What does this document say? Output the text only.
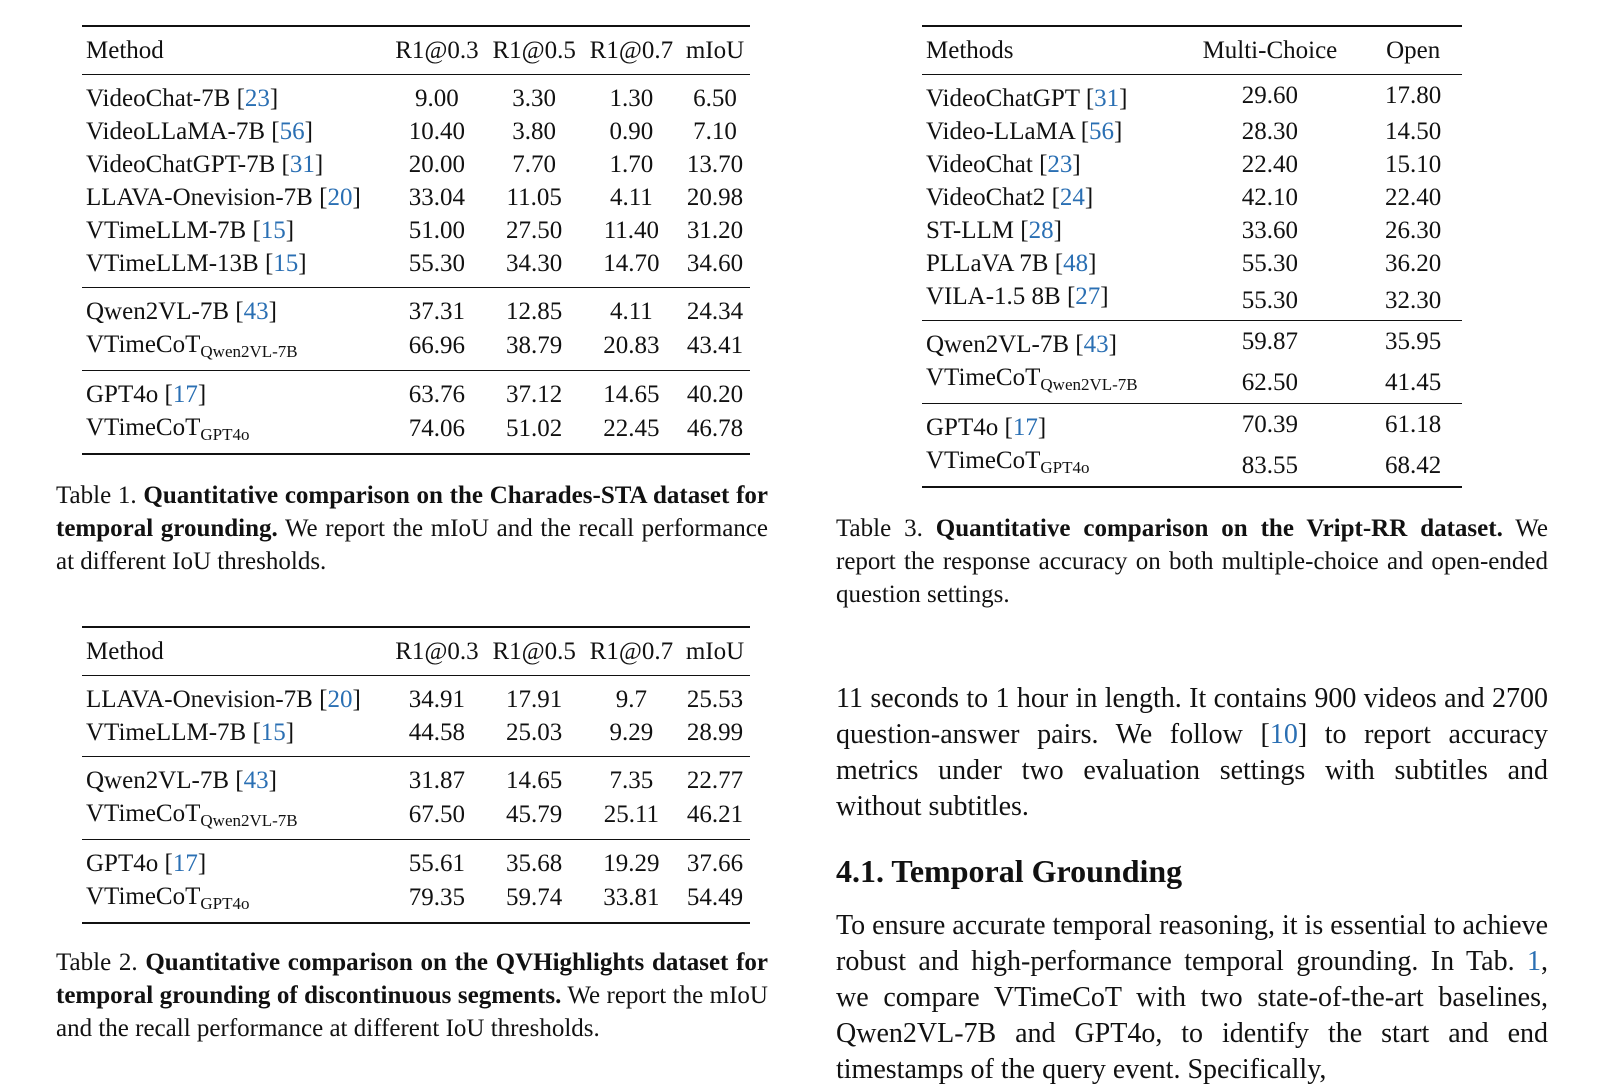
Method	R1@0.3	R1@0.5	R1@0.7	mIoU
VideoChat-7B [23]	9.00	3.30	1.30	6.50
VideoLLaMA-7B [56]	10.40	3.80	0.90	7.10
VideoChatGPT-7B [31]	20.00	7.70	1.70	13.70
LLAVA-Onevision-7B [20]	33.04	11.05	4.11	20.98
VTimeLLM-7B [15]	51.00	27.50	11.40	31.20
VTimeLLM-13B [15]	55.30	34.30	14.70	34.60
Qwen2VL-7B [43]	37.31	12.85	4.11	24.34
VTimeCoT$_{Qwen2VL-7B}$	66.96	38.79	20.83	43.41
GPT4o [17]	63.76	37.12	14.65	40.20
VTimeCoT$_{GPT4o}$	74.06	51.02	22.45	46.78
Table 1. Quantitative comparison on the Charades-STA dataset for temporal grounding. We report the mIoU and the recall performance at different IoU thresholds.
Method	R1@0.3	R1@0.5	R1@0.7	mIoU
LLAVA-Onevision-7B [20]	34.91	17.91	9.7	25.53
VTimeLLM-7B [15]	44.58	25.03	9.29	28.99
Qwen2VL-7B [43]	31.87	14.65	7.35	22.77
VTimeCoT$_{Qwen2VL-7B}$	67.50	45.79	25.11	46.21
GPT4o [17]	55.61	35.68	19.29	37.66
VTimeCoT$_{GPT4o}$	79.35	59.74	33.81	54.49
Table 2. Quantitative comparison on the QVHighlights dataset for temporal grounding of discontinuous segments. We report the mIoU and the recall performance at different IoU thresholds.
Methods	Multi-Choice	Open
VideoChatGPT [31]	29.60	17.80
Video-LLaMA [56]	28.30	14.50
VideoChat [23]	22.40	15.10
VideoChat2 [24]	42.10	22.40
ST-LLM [28]	33.60	26.30
PLLaVA 7B [48]	55.30	36.20
VILA-1.5 8B [27]	55.30	32.30
Qwen2VL-7B [43]	59.87	35.95
VTimeCoT$_{Qwen2VL-7B}$	62.50	41.45
GPT4o [17]	70.39	61.18
VTimeCoT$_{GPT4o}$	83.55	68.42
Table 3. Quantitative comparison on the Vript-RR dataset. We report the response accuracy on both multiple-choice and open-ended question settings.
11 seconds to 1 hour in length. It contains 900 videos and 2700 question-answer pairs. We follow [10] to report accuracy metrics under two evaluation settings with subtitles and without subtitles.
4.1. Temporal Grounding
To ensure accurate temporal reasoning, it is essential to achieve robust and high-performance temporal grounding. In Tab. 1, we compare VTimeCoT with two state-of-the-art baselines, Qwen2VL-7B and GPT4o, to identify the start and end timestamps of the query event. Specifically,
